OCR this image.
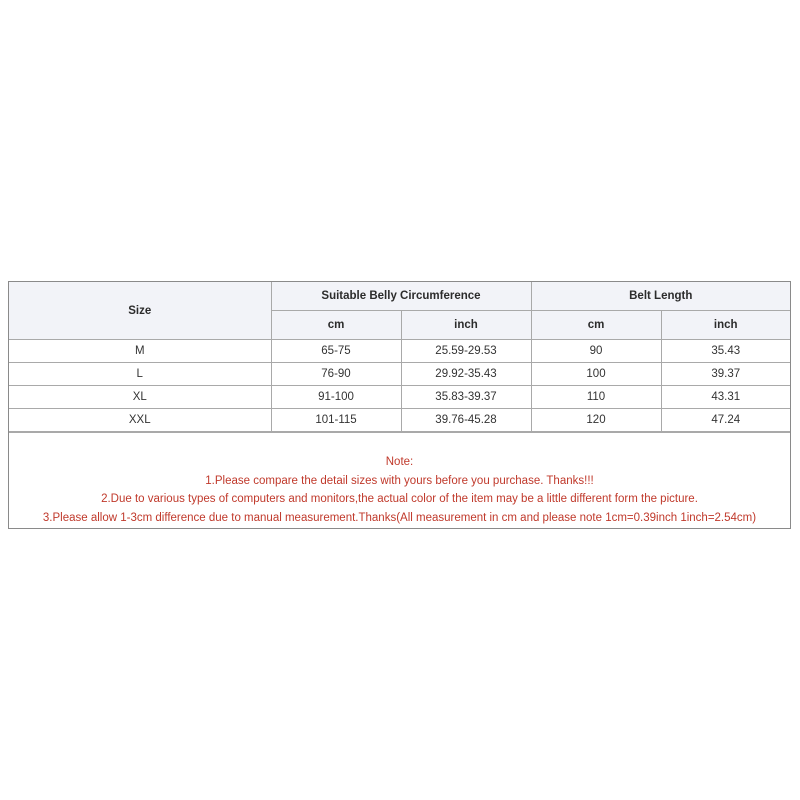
Size	Suitable Belly Circumference		Belt Length	
	cm	inch	cm	inch
M	65-75	25.59-29.53	90	35.43
L	76-90	29.92-35.43	100	39.37
XL	91-100	35.83-39.37	110	43.31
XXL	101-115	39.76-45.28	120	47.24
Note:
1.Please compare the detail sizes with yours before you purchase. Thanks!!!
2.Due to various types of computers and monitors,the actual color of the item may be a little different form the picture.
3.Please allow 1-3cm difference due to manual measurement.Thanks(All measurement in cm and please note 1cm=0.39inch 1inch=2.54cm)
